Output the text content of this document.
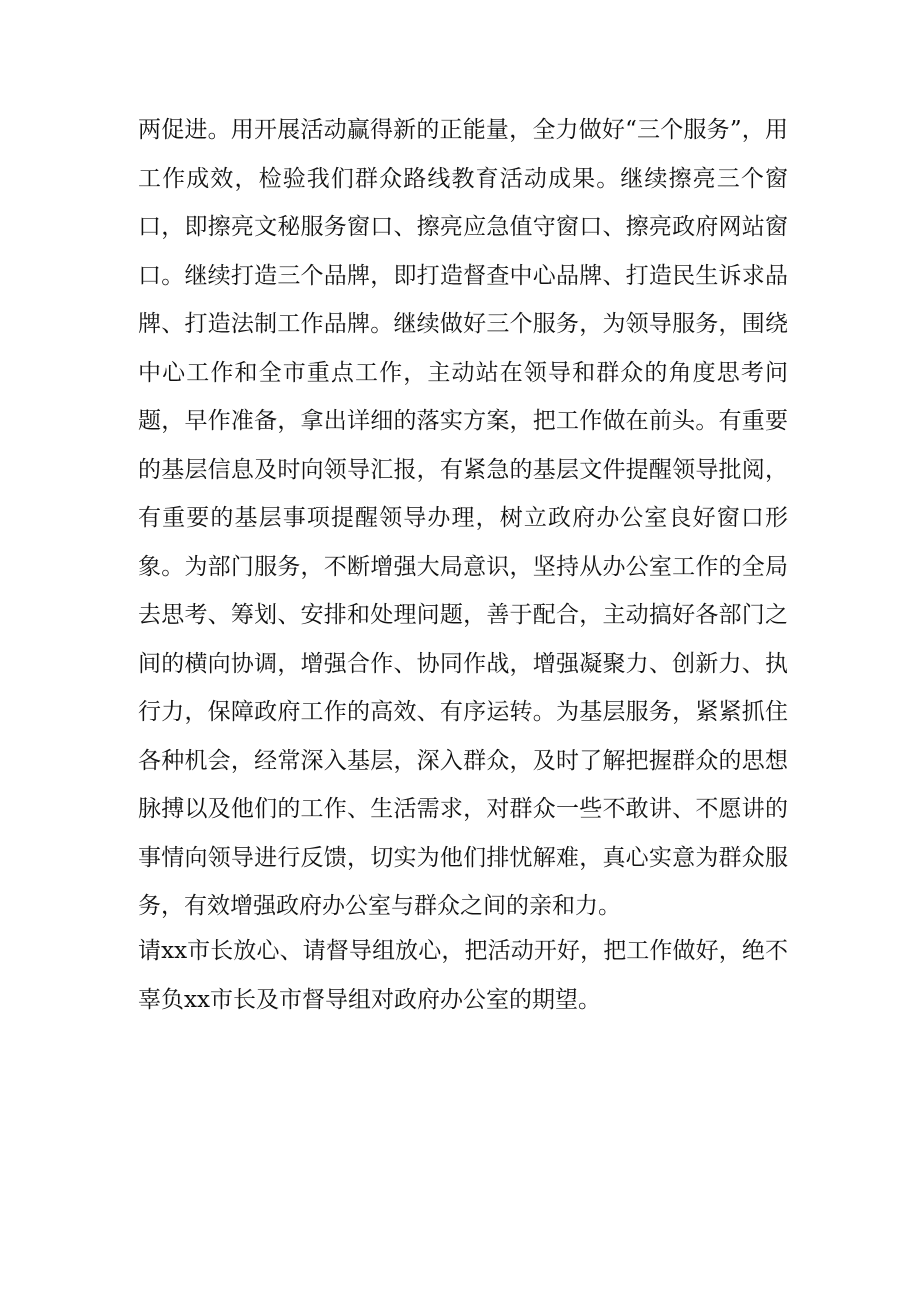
两促进。用开展活动赢得新的正能量，全力做好“三个服务”，用工作成效，检验我们群众路线教育活动成果。继续擦亮三个窗口，即擦亮文秘服务窗口、擦亮应急值守窗口、擦亮政府网站窗口。继续打造三个品牌，即打造督查中心品牌、打造民生诉求品牌、打造法制工作品牌。继续做好三个服务，为领导服务，围绕中心工作和全市重点工作，主动站在领导和群众的角度思考问题，早作准备，拿出详细的落实方案，把工作做在前头。有重要的基层信息及时向领导汇报，有紧急的基层文件提醒领导批阅，有重要的基层事项提醒领导办理，树立政府办公室良好窗口形象。为部门服务，不断增强大局意识，坚持从办公室工作的全局去思考、筹划、安排和处理问题，善于配合，主动搞好各部门之间的横向协调，增强合作、协同作战，增强凝聚力、创新力、执行力，保障政府工作的高效、有序运转。为基层服务，紧紧抓住各种机会，经常深入基层，深入群众，及时了解把握群众的思想脉搏以及他们的工作、生活需求，对群众一些不敢讲、不愿讲的事情向领导进行反馈，切实为他们排忧解难，真心实意为群众服务，有效增强政府办公室与群众之间的亲和力。

请xx市长放心、请督导组放心，把活动开好，把工作做好，绝不辜负xx市长及市督导组对政府办公室的期望。
